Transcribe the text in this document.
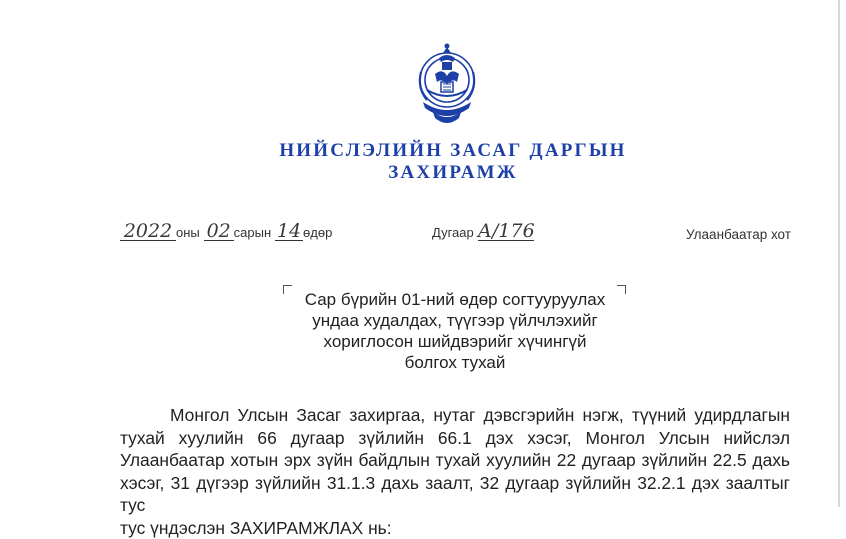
НИЙСЛЭЛИЙН ЗАСАГ ДАРГЫН
ЗАХИРАМЖ
2022 оны 02 сарын 14 өдөр	Дугаар А/176	Улаанбаатар хот
Сар бүрийн 01-ний өдөр согтууруулах
ундаа худалдах, түүгээр үйлчлэхийг
хориглосон шийдвэрийг хүчингүй
болгох тухай
Монгол Улсын Засаг захиргаа, нутаг дэвсгэрийн нэгж, түүний удирдлагын
тухай хуулийн 66 дугаар зүйлийн 66.1 дэх хэсэг, Монгол Улсын нийслэл
Улаанбаатар хотын эрх зүйн байдлын тухай хуулийн 22 дугаар зүйлийн 22.5 дахь
хэсэг, 31 дүгээр зүйлийн 31.1.3 дахь заалт, 32 дугаар зүйлийн 32.2.1 дэх заалтыг тус
тус үндэслэн ЗАХИРАМЖЛАХ нь:
